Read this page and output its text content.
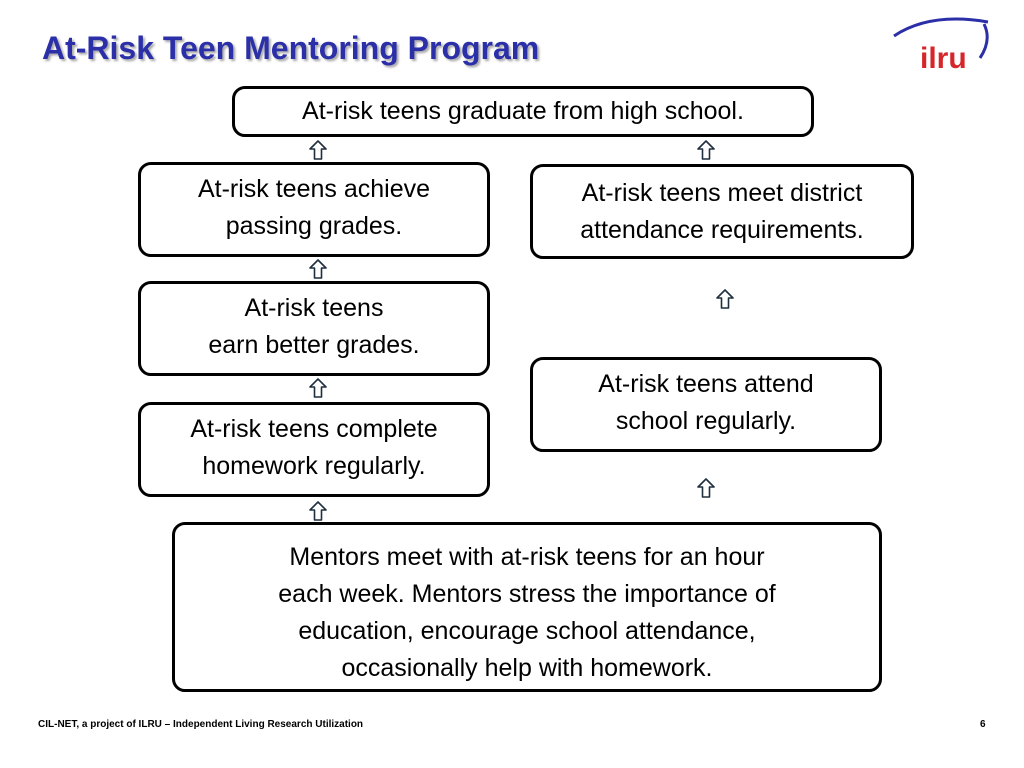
At-Risk Teen Mentoring Program	ilru
At-risk teens graduate from high school.
At-risk teens achieve
passing grades.
At-risk teens
earn better grades.
At-risk teens complete
homework regularly.
At-risk teens meet district
attendance requirements.
At-risk teens attend
school regularly.
Mentors meet with at-risk teens for an hour
each week. Mentors stress the importance of
education, encourage school attendance,
occasionally help with homework.
CIL-NET, a project of ILRU – Independent Living Research Utilization	6
